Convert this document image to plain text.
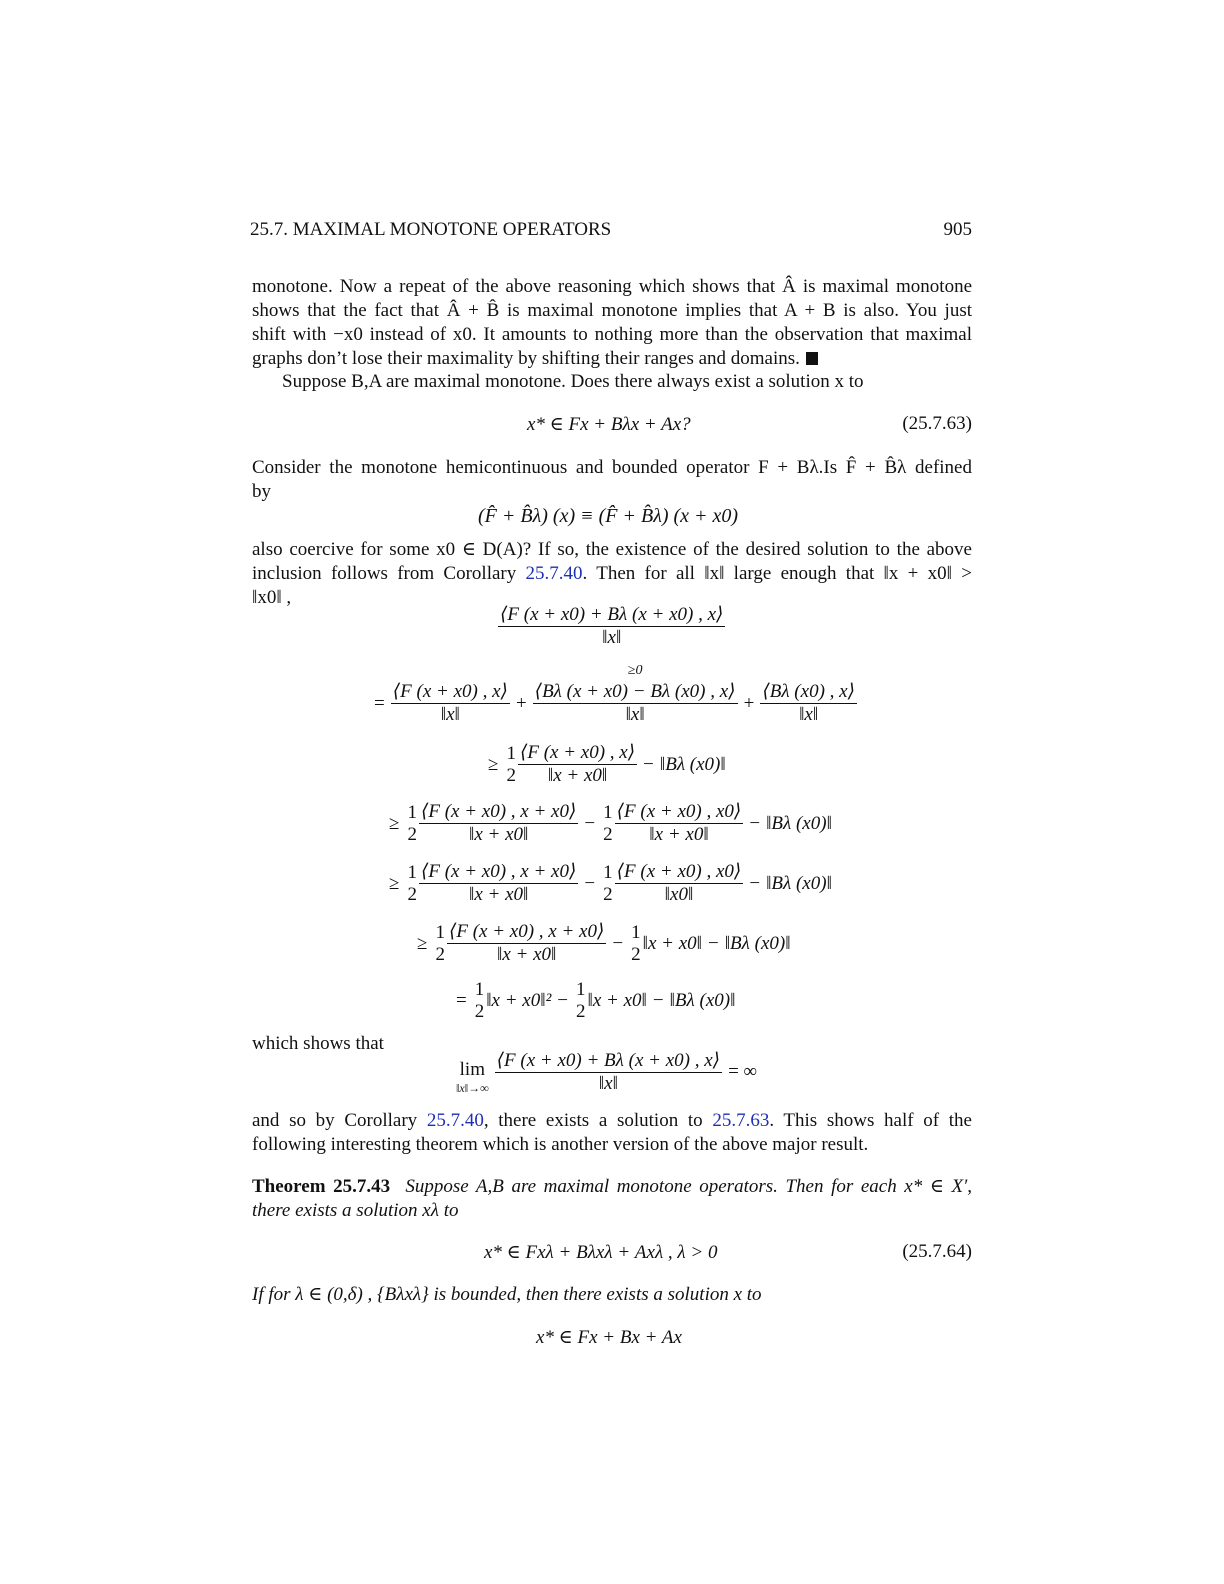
25.7. MAXIMAL MONOTONE OPERATORS	905
monotone. Now a repeat of the above reasoning which shows that Â is maximal monotone
shows that the fact that Â + B̂ is maximal monotone implies that A + B is also. You just
shift with −x0 instead of x0. It amounts to nothing more than the observation that maximal
graphs don’t lose their maximality by shifting their ranges and domains.
Suppose B,A are maximal monotone. Does there always exist a solution x to
x* ∈ Fx + Bλx + Ax?	(25.7.63)
Consider the monotone hemicontinuous and bounded operator F + Bλ.Is F̂ + B̂λ defined
by
(F̂ + B̂λ) (x) ≡ (F̂ + B̂λ) (x + x0)
also coercive for some x0 ∈ D(A)? If so, the existence of the desired solution to the above
inclusion follows from Corollary 25.7.40. Then for all ‖x‖ large enough that ‖x + x0‖ >
‖x0‖ ,
$\frac{⟨F (x + x0) + B\lambda (x + x0) , x⟩}{‖x‖}$
= $\frac{⟨F (x + x0) , x⟩}{‖x‖}$ +
≥0
⟨Bλ (x + x0) − Bλ (x0) , x⟩
‖x‖
+ $\frac{⟨B\lambda (x0) , x⟩}{‖x‖}$
≥
1
$2 \frac{⟨F (x + x0) , x⟩}{‖x + x0‖}$ − ‖Bλ (x0)‖
≥
1
$2 \frac{⟨F (x + x0) , x + x0⟩}{‖x + x0‖}$ −
1
$2 \frac{⟨F (x + x0) , x0⟩}{‖x + x0‖}$ − ‖Bλ (x0)‖
≥
1
$2 \frac{⟨F (x + x0) , x + x0⟩}{‖x + x0‖}$ −
1
$2 \frac{⟨F (x + x0) , x0⟩}{‖x0‖}$ − ‖Bλ (x0)‖
≥
1
$2 \frac{⟨F (x + x0) , x + x0⟩}{‖x + x0‖}$ −
1
2
‖x + x0‖ − ‖Bλ (x0)‖
=
1
2
‖x + x0‖² −
1
2
‖x + x0‖ − ‖Bλ (x0)‖
which shows that
lim
‖x‖→∞ $\frac{⟨F (x + x0) + B\lambda (x + x0) , x⟩}{‖x‖}$ = ∞
and so by Corollary 25.7.40, there exists a solution to 25.7.63. This shows half of the
following interesting theorem which is another version of the above major result.
Theorem 25.7.43 Suppose A,B are maximal monotone operators. Then for each x* ∈ X′,
there exists a solution xλ to
x* ∈ Fxλ + Bλxλ + Axλ , λ > 0	(25.7.64)
If for λ ∈ (0,δ) , {Bλxλ} is bounded, then there exists a solution x to
x* ∈ Fx + Bx + Ax
